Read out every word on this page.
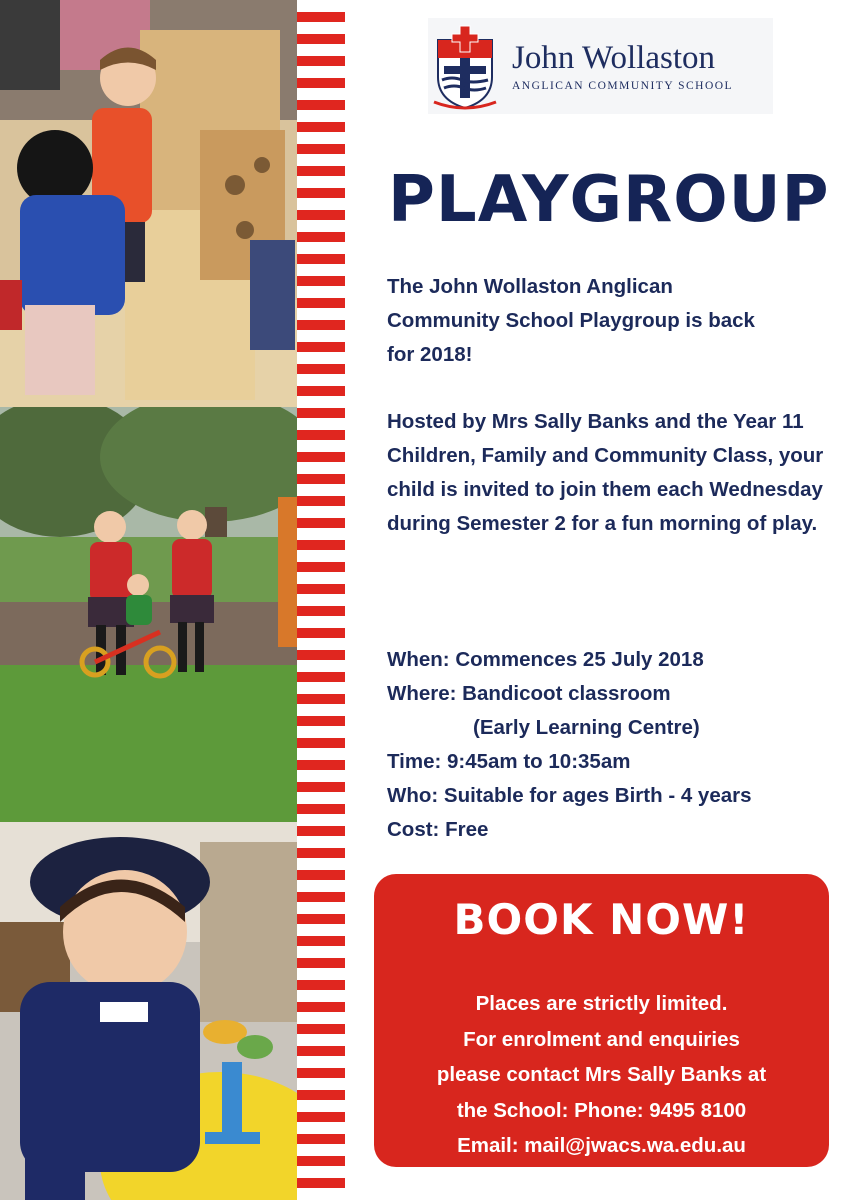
John Wollaston
ANGLICAN COMMUNITY SCHOOL
PLAYGROUP

The John Wollaston Anglican Community School Playgroup is back for 2018!

Hosted by Mrs Sally Banks and the Year 11 Children, Family and Community Class, your child is invited to join them each Wednesday during Semester 2 for a fun morning of play.

When: Commences 25 July 2018
Where: Bandicoot classroom
(Early Learning Centre)
Time: 9:45am to 10:35am
Who: Suitable for ages Birth - 4 years
Cost: Free
BOOK NOW!
Places are strictly limited.
For enrolment and enquiries
please contact Mrs Sally Banks at
the School: Phone: 9495 8100
Email: mail@jwacs.wa.edu.au
